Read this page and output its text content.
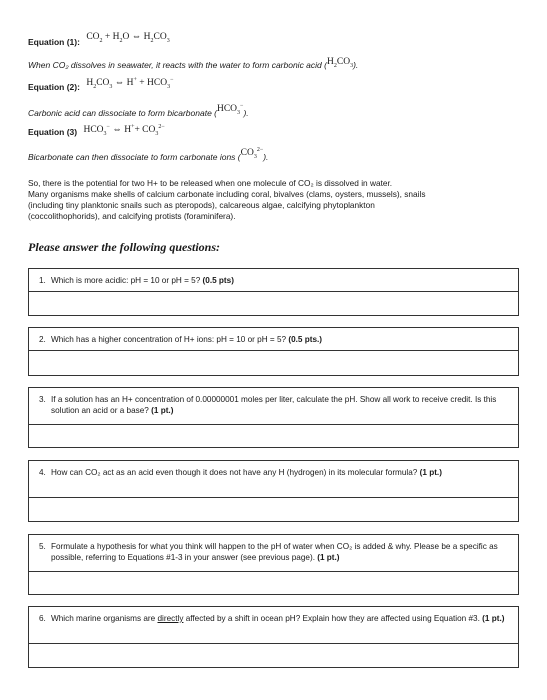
Equation (1): $CO_2 + H_2O$ ⇔ $H_2CO_3$
When CO₂ dissolves in seawater, it reacts with the water to form carbonic acid $(H_2CO_3)$.
Equation (2): $H_2CO_3$ ⇔ $H^+ + HCO_3^-$
Carbonic acid can dissociate to form bicarbonate $(HCO_3^-)$.
Equation (3) $HCO_3^-$ ⇔ $H^++ CO_3^{2-}$
Bicarbonate can then dissociate to form carbonate ions $(CO_3^{2-})$.
So, there is the potential for two H+ to be released when one molecule of CO₂ is dissolved in water.
Many organisms make shells of calcium carbonate including coral, bivalves (clams, oysters, mussels), snails
(including tiny planktonic snails such as pteropods), calcareous algae, calcifying phytoplankton
(coccolithophorids), and calcifying protists (foraminifera).
Please answer the following questions:
1. Which is more acidic: pH = 10 or pH = 5? (0.5 pts)
2. Which has a higher concentration of H+ ions: pH = 10 or pH = 5? (0.5 pts.)
3. If a solution has an H+ concentration of 0.00000001 moles per liter, calculate the pH. Show all work to receive credit. Is this solution an acid or a base? (1 pt.)
4. How can CO₂ act as an acid even though it does not have any H (hydrogen) in its molecular formula? (1 pt.)
5. Formulate a hypothesis for what you think will happen to the pH of water when CO₂ is added & why. Please be a specific as possible, referring to Equations #1-3 in your answer (see previous page). (1 pt.)
6. Which marine organisms are directly affected by a shift in ocean pH? Explain how they are affected using Equation #3. (1 pt.)
